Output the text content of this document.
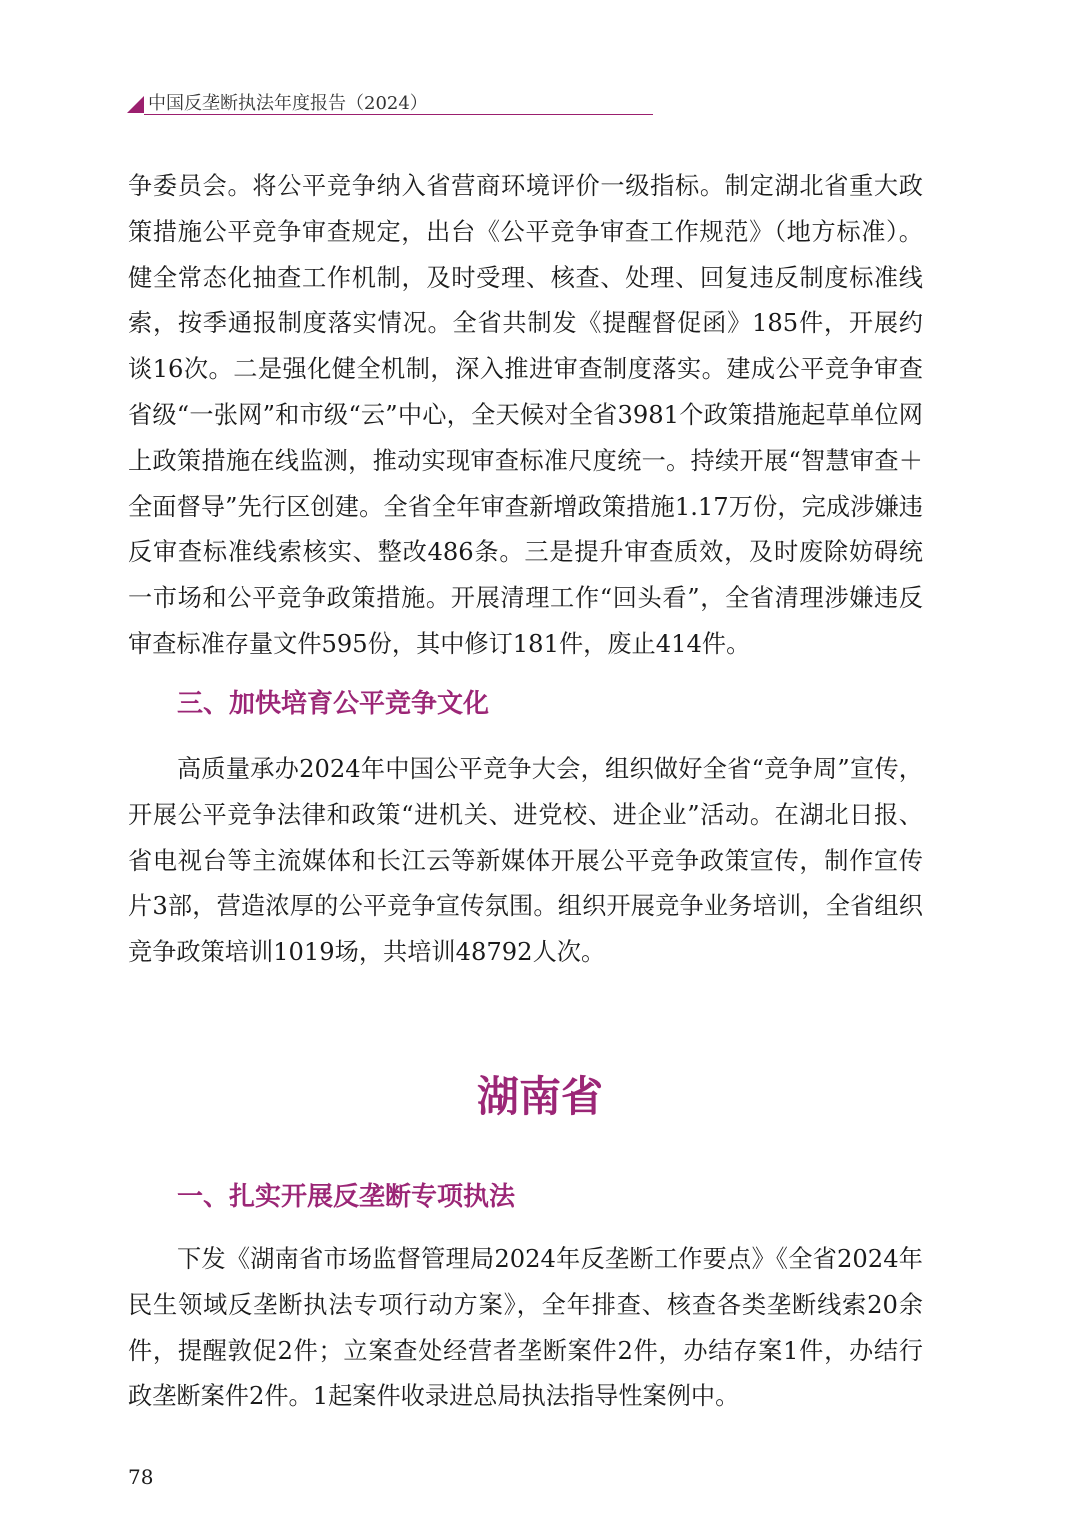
中国反垄断执法年度报告（2024）

争委员会。将公平竞争纳入省营商环境评价一级指标。制定湖北省重大政策措施公平竞争审查规定，出台《公平竞争审查工作规范》（地方标准）。健全常态化抽查工作机制，及时受理、核查、处理、回复违反制度标准线索，按季通报制度落实情况。全省共制发《提醒督促函》185件，开展约谈16次。二是强化健全机制，深入推进审查制度落实。建成公平竞争审查省级“一张网”和市级“云”中心，全天候对全省3981个政策措施起草单位网上政策措施在线监测，推动实现审查标准尺度统一。持续开展“智慧审查＋全面督导”先行区创建。全省全年审查新增政策措施1.17万份，完成涉嫌违反审查标准线索核实、整改486条。三是提升审查质效，及时废除妨碍统一市场和公平竞争政策措施。开展清理工作“回头看”，全省清理涉嫌违反审查标准存量文件595份，其中修订181件，废止414件。

三、加快培育公平竞争文化

高质量承办2024年中国公平竞争大会，组织做好全省“竞争周”宣传，开展公平竞争法律和政策“进机关、进党校、进企业”活动。在湖北日报、省电视台等主流媒体和长江云等新媒体开展公平竞争政策宣传，制作宣传片3部，营造浓厚的公平竞争宣传氛围。组织开展竞争业务培训，全省组织竞争政策培训1019场，共培训48792人次。

湖南省
一、扎实开展反垄断专项执法

下发《湖南省市场监督管理局2024年反垄断工作要点》《全省2024年民生领域反垄断执法专项行动方案》，全年排查、核查各类垄断线索20余件，提醒敦促2件；立案查处经营者垄断案件2件，办结存案1件，办结行政垄断案件2件。1起案件收录进总局执法指导性案例中。

78
